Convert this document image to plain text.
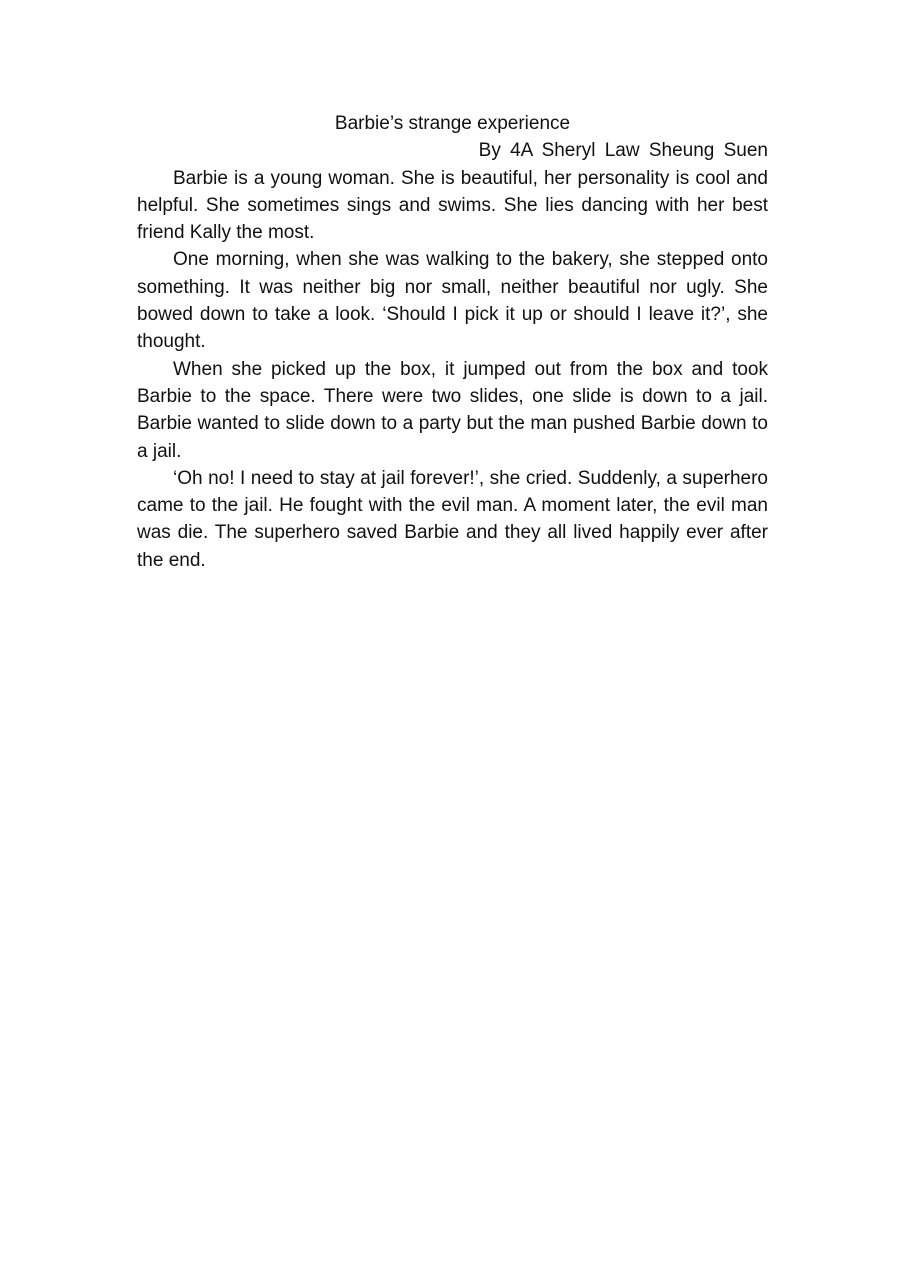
Barbie’s strange experience

By 4A Sheryl Law Sheung Suen

Barbie is a young woman. She is beautiful, her personality is cool and helpful. She sometimes sings and swims. She lies dancing with her best friend Kally the most.

One morning, when she was walking to the bakery, she stepped onto something. It was neither big nor small, neither beautiful nor ugly. She bowed down to take a look. ‘Should I pick it up or should I leave it?’, she thought.

When she picked up the box, it jumped out from the box and took Barbie to the space. There were two slides, one slide is down to a jail. Barbie wanted to slide down to a party but the man pushed Barbie down to a jail.

‘Oh no! I need to stay at jail forever!’, she cried. Suddenly, a superhero came to the jail. He fought with the evil man. A moment later, the evil man was die. The superhero saved Barbie and they all lived happily ever after the end.
